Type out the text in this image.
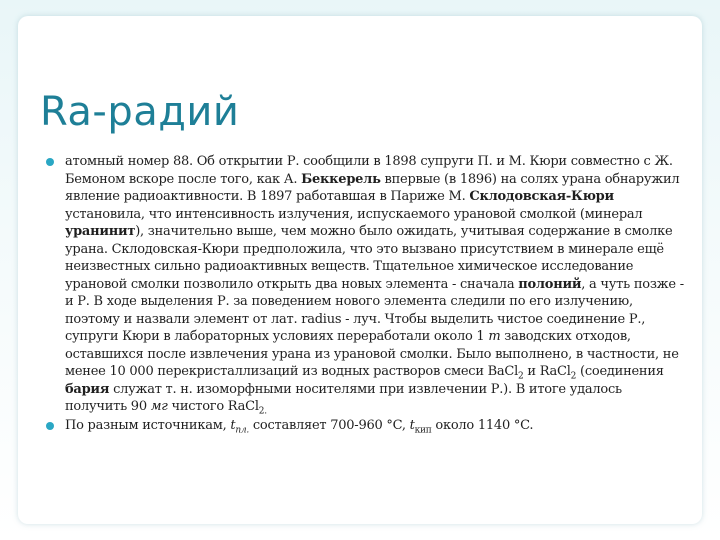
Ra-радий
атомный номер 88. Об открытии Р. сообщили в 1898 супруги П. и М. Кюри совместно с Ж. Бемоном вскоре после того, как А. Беккерель впервые (в 1896) на солях урана обнаружил явление радиоактивности. В 1897 работавшая в Париже М. Склодовская-Кюри установила, что интенсивность излучения, испускаемого урановой смолкой (минерал уранинит), значительно выше, чем можно было ожидать, учитывая содержание в смолке урана. Склодовская-Кюри предположила, что это вызвано присутствием в минерале ещё неизвестных сильно радиоактивных веществ. Тщательное химическое исследование урановой смолки позволило открыть два новых элемента - сначала полоний, а чуть позже - и Р. В ходе выделения Р. за поведением нового элемента следили по его излучению, поэтому и назвали элемент от лат. radius - луч. Чтобы выделить чистое соединение Р., супруги Кюри в лабораторных условиях переработали около 1 т заводских отходов, оставшихся после извлечения урана из урановой смолки. Было выполнено, в частности, не менее 10 000 перекристаллизаций из водных растворов смеси BaCl$_2$ и RaCl$_2$ (соединения бария служат т. н. изоморфными носителями при извлечении Р.). В итоге удалось получить 90 мг чистого RaCl$_{2.}$
По разным источникам, $t_{пл.}$ составляет 700-960 °C, $t_{кип}$ около 1140 °C.
